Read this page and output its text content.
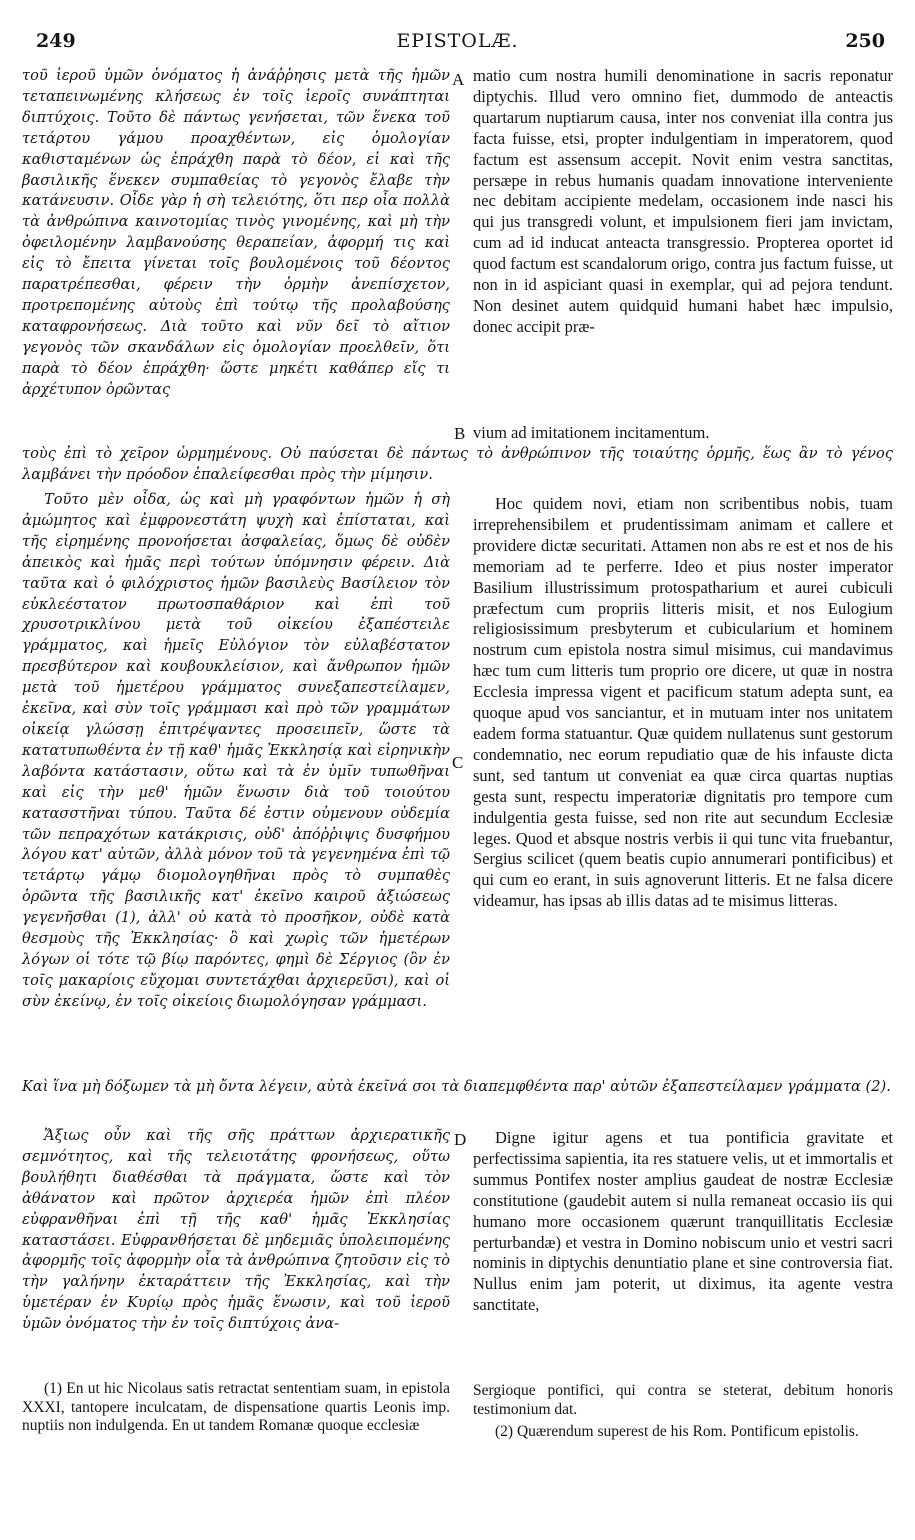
EPISTOLÆ.
249	250

τοῦ ἱεροῦ ὑμῶν ὀνόματος ἡ ἀνάῤῥησις μετὰ τῆς ἡμῶν τεταπεινωμένης κλήσεως ἐν τοῖς ἱεροῖς συνάπτηται διπτύχοις. Τοῦτο δὲ πάντως γενήσεται, τῶν ἕνεκα τοῦ τετάρτου γάμου προαχθέντων, εἰς ὁμολογίαν καθισταμένων ὡς ἐπράχθη παρὰ τὸ δέον, εἰ καὶ τῆς βασιλικῆς ἕνεκεν συμπαθείας τὸ γεγονὸς ἔλαβε τὴν κατάνευσιν. Οἶδε γὰρ ἡ σὴ τελειότης, ὅτι περ οἷα πολλὰ τὰ ἀνθρώπινα καινοτομίας τινὸς γινομένης, καὶ μὴ τὴν ὀφειλομένην λαμβανούσης θεραπείαν, ἀφορμή τις καὶ εἰς τὸ ἔπειτα γίνεται τοῖς βουλομένοις τοῦ δέοντος παρατρέπεσθαι, φέρειν τὴν ὁρμὴν ἀνεπίσχετον, προτρεπομένης αὐτοὺς ἐπὶ τούτῳ τῆς προλαβούσης καταφρονήσεως. Διὰ τοῦτο καὶ νῦν δεῖ τὸ αἴτιον γεγονὸς τῶν σκανδάλων εἰς ὁμολογίαν προελθεῖν, ὅτι παρὰ τὸ δέον ἐπράχθη· ὥστε μηκέτι καθάπερ εἴς τι ἀρχέτυπον ὁρῶντας

A matio cum nostra humili denominatione in sacris reponatur diptychis. Illud vero omnino fiet, dummodo de anteactis quartarum nuptiarum causa, inter nos conveniat illa contra jus facta fuisse, etsi, propter indulgentiam in imperatorem, quod factum est assensum accepit. Novit enim vestra sanctitas, persæpe in rebus humanis quadam innovatione interveniente nec debitam accipiente medelam, occasionem inde nasci his qui jus transgredi volunt, et impulsionem fieri jam invictam, cum ad id inducat anteacta transgressio. Propterea oportet id quod factum est scandalorum origo, contra jus factum fuisse, ut non in id aspiciant quasi in exemplar, qui ad pejora tendunt. Non desinet autem quidquid humani habet hæc impulsio, donec accipit præ-

B vium ad imitationem incitamentum.

τοὺς ἐπὶ τὸ χεῖρον ὡρμημένους. Οὐ παύσεται δὲ πάντως τὸ ἀνθρώπινον τῆς τοιαύτης ὁρμῆς, ἕως ἂν τὸ γένος λαμβάνει τὴν πρόοδον ἐπαλείφεσθαι πρὸς τὴν μίμησιν.

Τοῦτο μὲν οἶδα, ὡς καὶ μὴ γραφόντων ἡμῶν ἡ σὴ ἀμώμητος καὶ ἐμφρονεστάτη ψυχὴ καὶ ἐπίσταται, καὶ τῆς εἰρημένης προνοήσεται ἀσφαλείας, ὅμως δὲ οὐδὲν ἀπεικὸς καὶ ἡμᾶς περὶ τούτων ὑπόμνησιν φέρειν. Διὰ ταῦτα καὶ ὁ φιλόχριστος ἡμῶν βασιλεὺς Βασίλειον τὸν εὐκλεέστατον πρωτοσπαθάριον καὶ ἐπὶ τοῦ χρυσοτρικλίνου μετὰ τοῦ οἰκείου ἐξαπέστειλε γράμματος, καὶ ἡμεῖς Εὐλόγιον τὸν εὐλαβέστατον πρεσβύτερον καὶ κουβουκλείσιον, καὶ ἄνθρωπον ἡμῶν μετὰ τοῦ ἡμετέρου γράμματος συνεξαπεστείλαμεν, ἐκεῖνα, καὶ σὺν τοῖς γράμμασι καὶ πρὸ τῶν γραμμάτων οἰκείᾳ γλώσσῃ ἐπιτρέψαντες προσειπεῖν, ὥστε τὰ κατατυπωθέντα ἐν τῇ καθ' ἡμᾶς Ἐκκλησίᾳ καὶ εἰρηνικὴν λαβόντα κατάστασιν, οὕτω καὶ τὰ ἐν ὑμῖν τυπωθῆναι καὶ εἰς τὴν μεθ' ἡμῶν ἕνωσιν διὰ τοῦ τοιούτου κατασστῆναι τύπου. Ταῦτα δέ ἐστιν οὐμενουν οὐδεμία τῶν πεπραχότων κατάκρισις, οὐδ' ἀπόῤῥιψις δυσφήμου λόγου κατ' αὐτῶν, ἀλλὰ μόνον τοῦ τὰ γεγενημένα ἐπὶ τῷ τετάρτῳ γάμῳ διομολογηθῆναι πρὸς τὸ συμπαθὲς ὁρῶντα τῆς βασιλικῆς κατ' ἐκεῖνο καιροῦ ἀξιώσεως γεγενῆσθαι (1), ἀλλ' οὐ κατὰ τὸ προσῆκον, οὐδὲ κατὰ θεσμοὺς τῆς Ἐκκλησίας· ὃ καὶ χωρὶς τῶν ἡμετέρων λόγων οἱ τότε τῷ βίῳ παρόντες, φημὶ δὲ Σέργιος (ὃν ἐν τοῖς μακαρίοις εὔχομαι συντετάχθαι ἀρχιερεῦσι), καὶ οἱ σὺν ἐκείνῳ, ἐν τοῖς οἰκείοις διωμολόγησαν γράμμασι.

C

Hoc quidem novi, etiam non scribentibus nobis, tuam irreprehensibilem et prudentissimam animam et callere et providere dictæ securitati. Attamen non abs re est et nos de his memoriam ad te perferre. Ideo et pius noster imperator Basilium illustrissimum protospatharium et aurei cubiculi præfectum cum propriis litteris misit, et nos Eulogium religiosissimum presbyterum et cubicularium et hominem nostrum cum epistola nostra simul misimus, cui mandavimus hæc tum cum litteris tum proprio ore dicere, ut quæ in nostra Ecclesia impressa vigent et pacificum statum adepta sunt, ea quoque apud vos sanciantur, et in mutuam inter nos unitatem eadem forma statuantur. Quæ quidem nullatenus sunt gestorum condemnatio, nec eorum repudiatio quæ de his infauste dicta sunt, sed tantum ut conveniat ea quæ circa quartas nuptias gesta sunt, respectu imperatoriæ dignitatis pro tempore cum indulgentia gesta fuisse, sed non rite aut secundum Ecclesiæ leges. Quod et absque nostris verbis ii qui tunc vita fruebantur, Sergius scilicet (quem beatis cupio annumerari pontificibus) et qui cum eo erant, in suis agnoverunt litteris. Et ne falsa dicere videamur, has ipsas ab illis datas ad te misimus litteras.

Καὶ ἵνα μὴ δόξωμεν τὰ μὴ ὄντα λέγειν, αὐτὰ ἐκεῖνά σοι τὰ διαπεμφθέντα παρ' αὐτῶν ἐξαπεστείλαμεν γράμματα (2).

Ἄξιως οὖν καὶ τῆς σῆς πράττων ἀρχιερατικῆς σεμνότητος, καὶ τῆς τελειοτάτης φρονήσεως, οὕτω βουλήθητι διαθέσθαι τὰ πράγματα, ὥστε καὶ τὸν ἀθάνατον καὶ πρῶτον ἀρχιερέα ἡμῶν ἐπὶ πλέον εὐφρανθῆναι ἐπὶ τῇ τῆς καθ' ἡμᾶς Ἐκκλησίας καταστάσει. Εὐφρανθήσεται δὲ μηδεμιᾶς ὑπολειπομένης ἀφορμῆς τοῖς ἀφορμὴν οἷα τὰ ἀνθρώπινα ζητοῦσιν εἰς τὸ τὴν γαλήνην ἐκταράττειν τῆς Ἐκκλησίας, καὶ τὴν ὑμετέραν ἐν Κυρίῳ πρὸς ἡμᾶς ἕνωσιν, καὶ τοῦ ἱεροῦ ὑμῶν ὀνόματος τὴν ἐν τοῖς διπτύχοις ἀνα-

D	Digne igitur agens et tua pontificia gravitate et perfectissima sapientia, ita res statuere velis, ut et immortalis et summus Pontifex noster amplius gaudeat de nostræ Ecclesiæ constitutione (gaudebit autem si nulla remaneat occasio iis qui humano more occasionem quærunt tranquillitatis Ecclesiæ perturbandæ) et vestra in Domino nobiscum unio et vestri sacri nominis in diptychis denuntiatio plane et sine controversia fiat. Nullus enim jam poterit, ut diximus, ita agente vestra sanctitate,

(1) En ut hic Nicolaus satis retractat sententiam suam, in epistola XXXI, tantopere inculcatam, de dispensatione quartis Leonis imp. nuptiis non indulgenda. En ut tandem Romanæ quoque ecclesiæ

Sergioque pontifici, qui contra se steterat, debitum honoris testimonium dat.

(2) Quærendum superest de his Rom. Pontificum epistolis.
